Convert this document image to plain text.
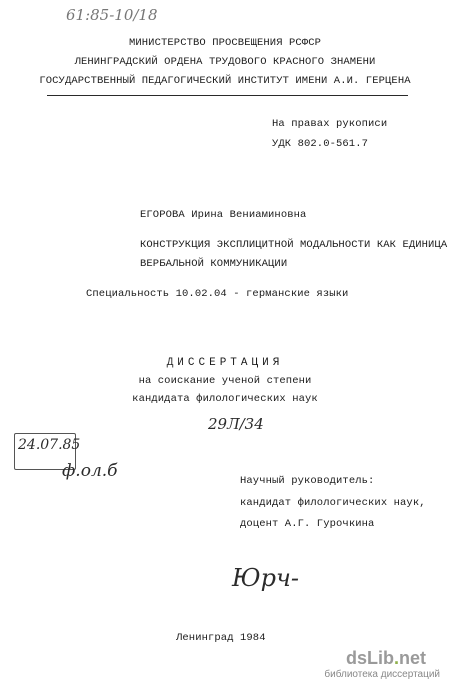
61:85-10/18
МИНИСТЕРСТВО ПРОСВЕЩЕНИЯ РСФСР
ЛЕНИНГРАДСКИЙ ОРДЕНА ТРУДОВОГО КРАСНОГО ЗНАМЕНИ
ГОСУДАРСТВЕННЫЙ ПЕДАГОГИЧЕСКИЙ ИНСТИТУТ ИМЕНИ А.И. ГЕРЦЕНА
На правах рукописи
УДК 802.0-561.7
ЕГОРОВА Ирина Вениаминовна
КОНСТРУКЦИЯ ЭКСПЛИЦИТНОЙ МОДАЛЬНОСТИ КАК ЕДИНИЦА
ВЕРБАЛЬНОЙ КОММУНИКАЦИИ
Специальность 10.02.04 - германские языки
ДИССЕРТАЦИЯ
на соискание ученой степени
кандидата филологических наук
29Л/34
24.07.85
ф.ол.б	Научный руководитель:
кандидат филологических наук,
доцент А.Г. Гурочкина
Юрч-
Ленинград 1984
dsLib.net
библиотека диссертаций
